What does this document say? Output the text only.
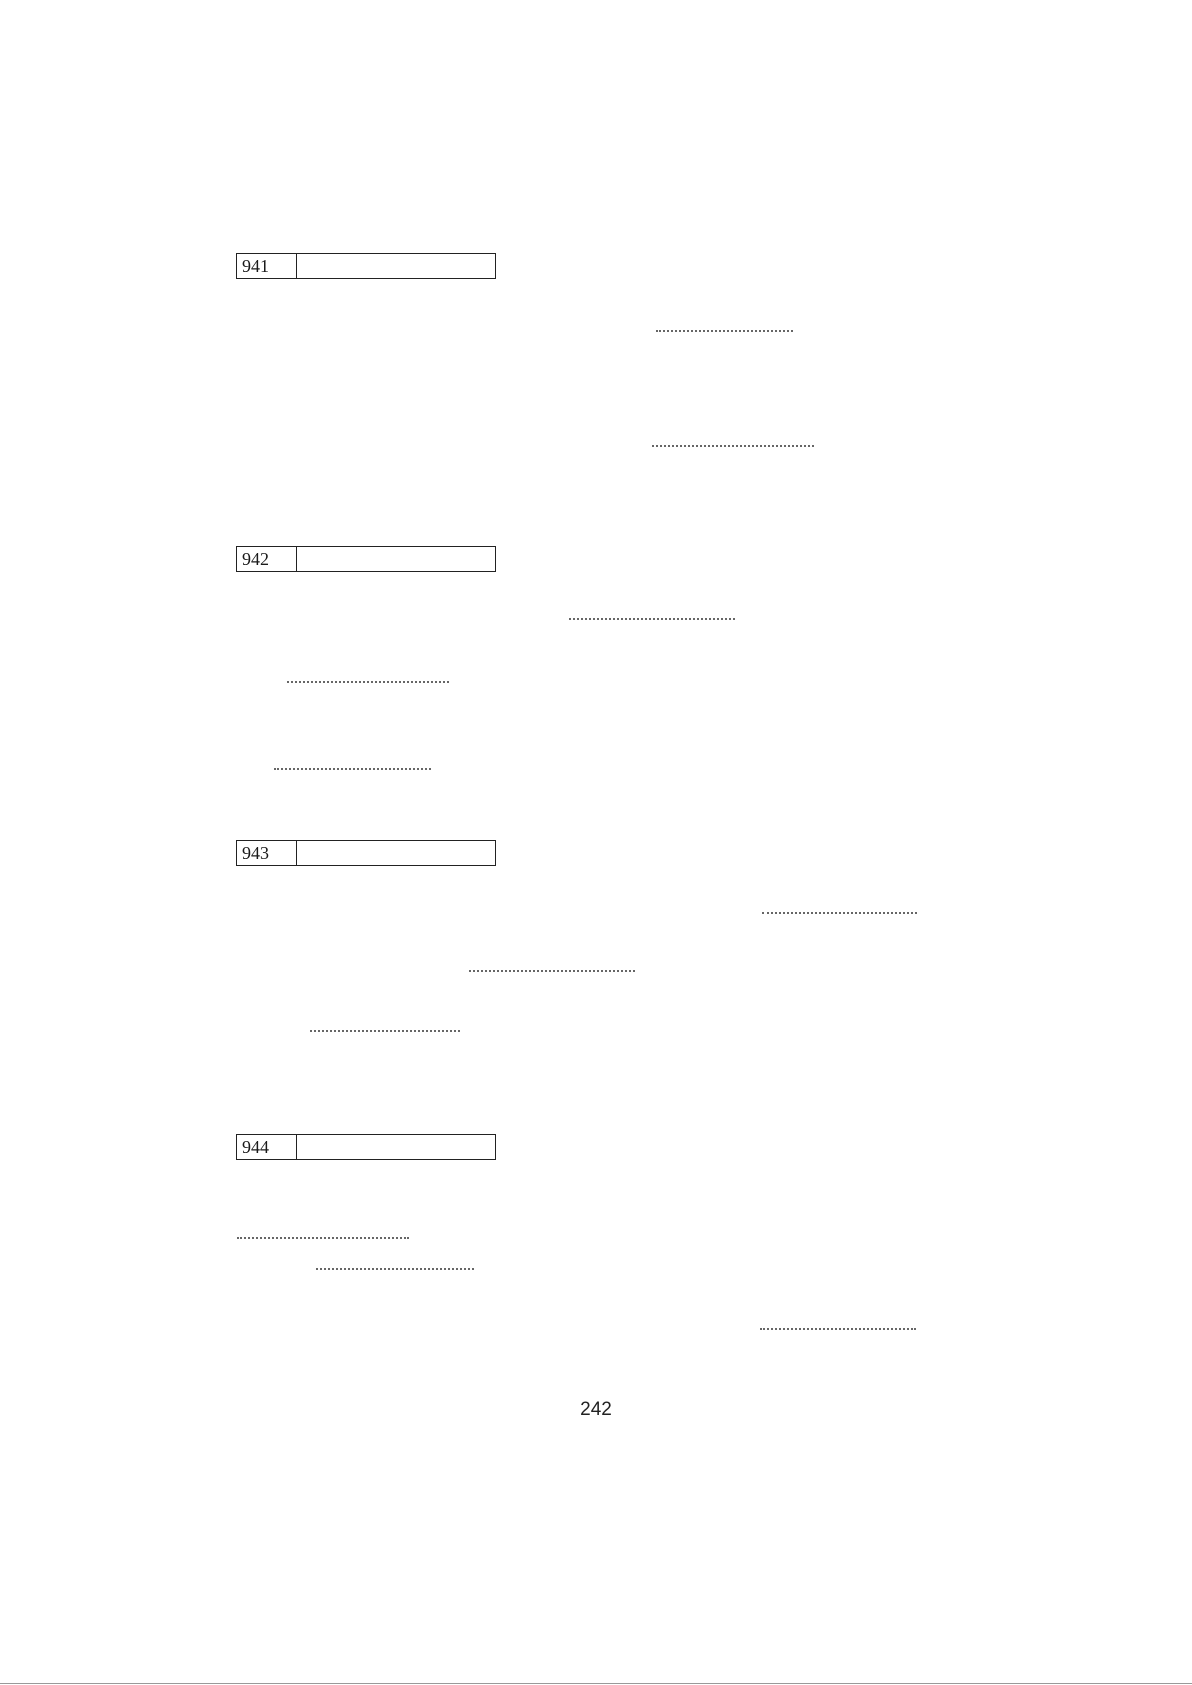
941
942
943
944
242
